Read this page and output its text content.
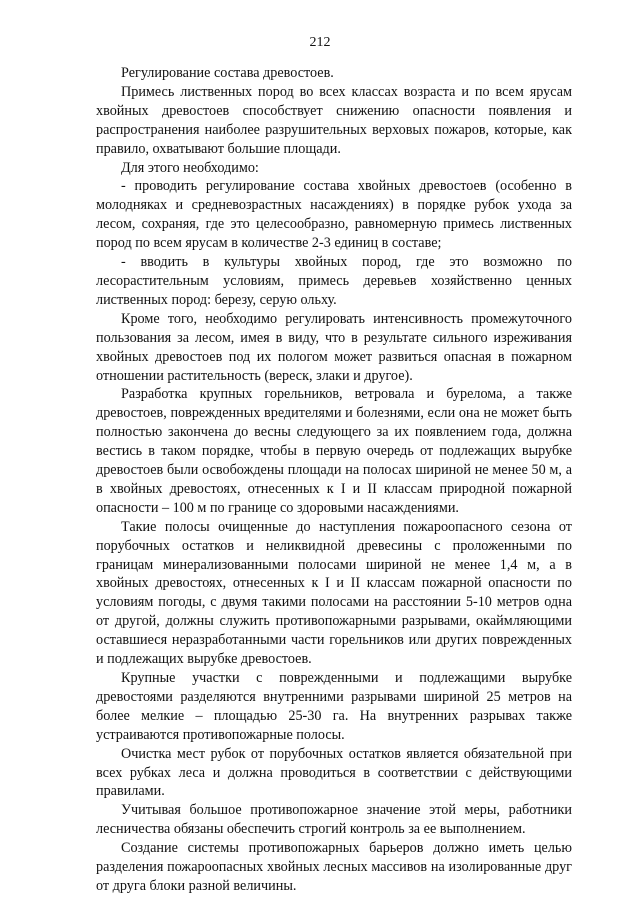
212

Регулирование состава древостоев.

Примесь лиственных пород во всех классах возраста и по всем ярусам хвойных древостоев способствует снижению опасности появления и распространения наиболее разрушительных верховых пожаров, которые, как правило, охватывают большие площади.

Для этого необходимо:

- проводить регулирование состава хвойных древостоев (особенно в молодняках и средневозрастных насаждениях) в порядке рубок ухода за лесом, сохраняя, где это целесообразно, равномерную примесь лиственных пород по всем ярусам в количестве 2-3 единиц в составе;

- вводить в культуры хвойных пород, где это возможно по лесорастительным условиям, примесь деревьев хозяйственно ценных лиственных пород: березу, серую ольху.

Кроме того, необходимо регулировать интенсивность промежуточного пользования за лесом, имея в виду, что в результате сильного изреживания хвойных древостоев под их пологом может развиться опасная в пожарном отношении растительность (вереск, злаки и другое).

Разработка крупных горельников, ветровала и бурелома, а также древостоев, поврежденных вредителями и болезнями, если она не может быть полностью закончена до весны следующего за их появлением года, должна вестись в таком порядке, чтобы в первую очередь от подлежащих вырубке древостоев были освобождены площади на полосах шириной не менее 50 м, а в хвойных древостоях, отнесенных к I и II классам природной пожарной опасности – 100 м по границе со здоровыми насаждениями.

Такие полосы очищенные до наступления пожароопасного сезона от порубочных остатков и неликвидной древесины с проложенными по границам минерализованными полосами шириной не менее 1,4 м, а в хвойных древостоях, отнесенных к I и II классам пожарной опасности по условиям погоды, с двумя такими полосами на расстоянии 5-10 метров одна от другой, должны служить противопожарными разрывами, окаймляющими оставшиеся неразработанными части горельников или других поврежденных и подлежащих вырубке древостоев.

Крупные участки с поврежденными и подлежащими вырубке древостоями разделяются внутренними разрывами шириной 25 метров на более мелкие – площадью 25-30 га. На внутренних разрывах также устраиваются противопожарные полосы.

Очистка мест рубок от порубочных остатков является обязательной при всех рубках леса и должна проводиться в соответствии с действующими правилами.

Учитывая большое противопожарное значение этой меры, работники лесничества обязаны обеспечить строгий контроль за ее выполнением.

Создание системы противопожарных барьеров должно иметь целью разделения пожароопасных хвойных лесных массивов на изолированные друг от друга блоки разной величины.
